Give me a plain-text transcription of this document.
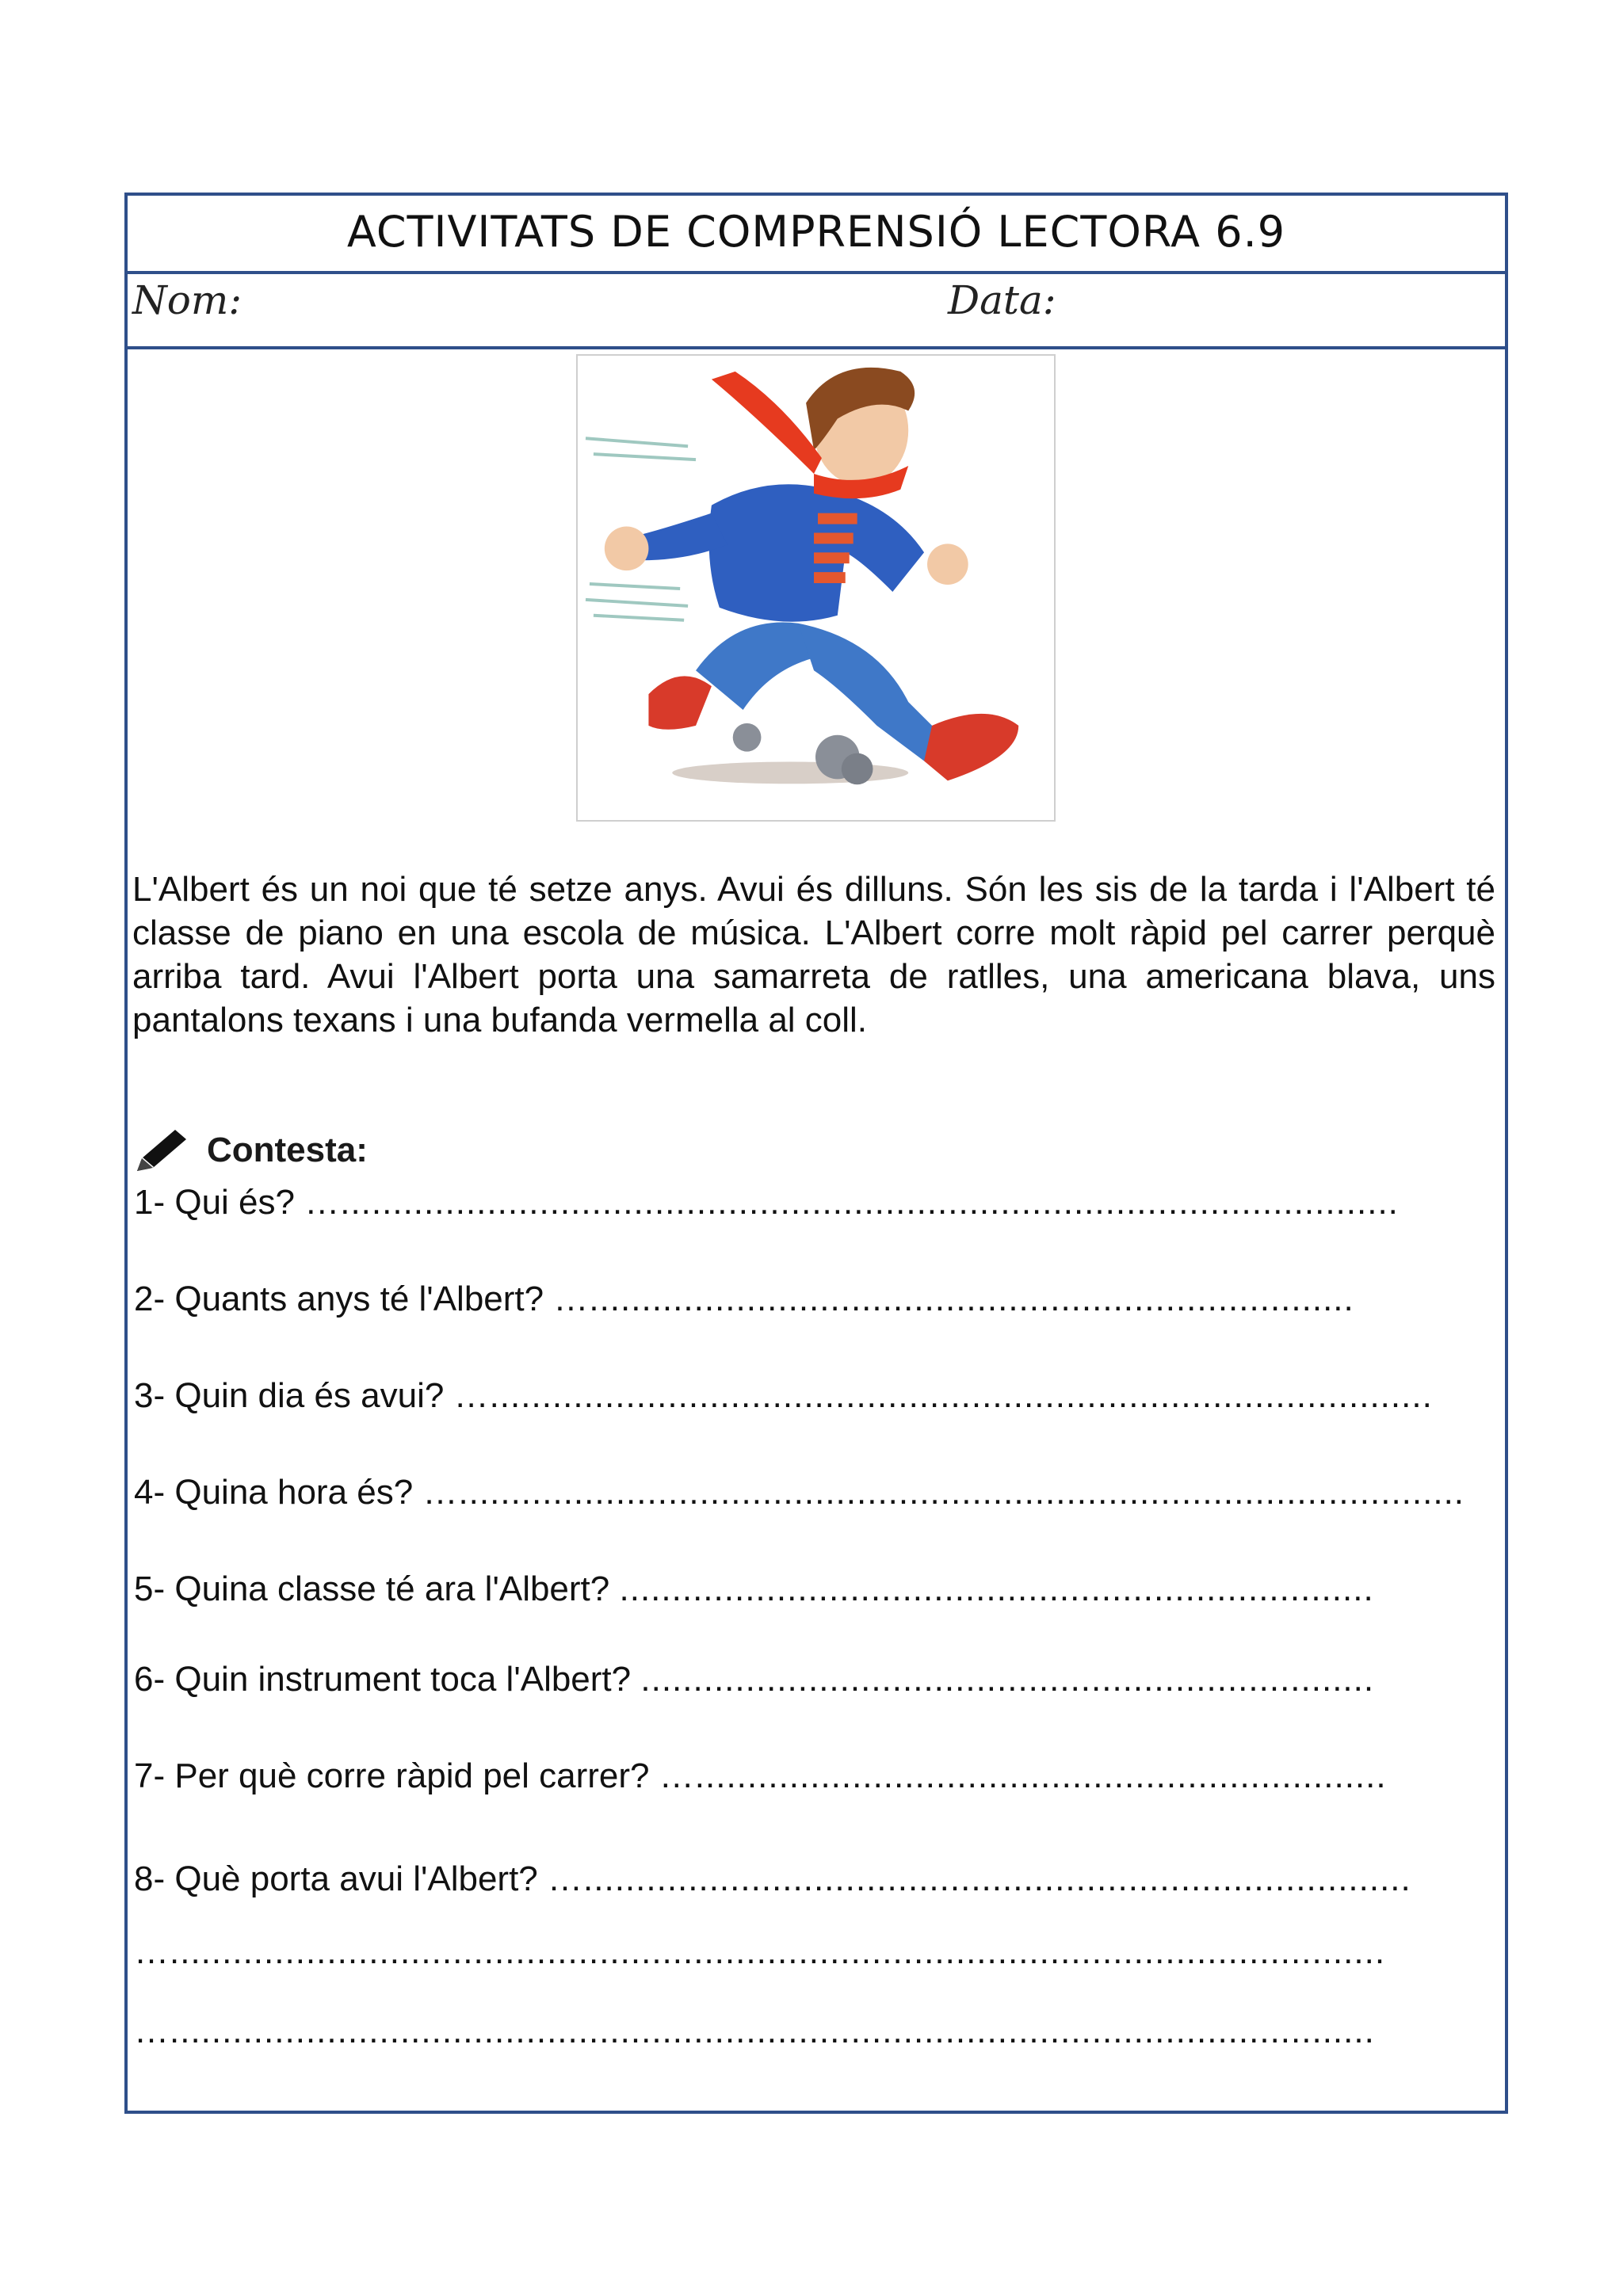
ACTIVITATS DE COMPRENSIÓ LECTORA 6.9
Nom:	Data:
L'Albert és un noi que té setze anys. Avui és dilluns. Són les sis de la tarda i l'Albert té classe de piano en una escola de música. L'Albert corre molt ràpid pel carrer perquè arriba tard. Avui l'Albert porta una samarreta de ratlles, una americana blava, uns pantalons texans i una bufanda vermella al coll.
Contesta:
1- Qui és? ….....................................................................................................
2- Quants anys té l'Albert? ….........................................................................
3- Quin dia és avui? …..........................................................................................
4- Quina hora és? …................................................................................................
5- Quina classe té ara l'Albert? ........................................................................
6- Quin instrument toca l'Albert? ......................................................................
7- Per què corre ràpid pel carrer? …..................................................................
8- Què porta avui l'Albert? …...............................................................................
…....................................................................................................................
…...................................................................................................................
